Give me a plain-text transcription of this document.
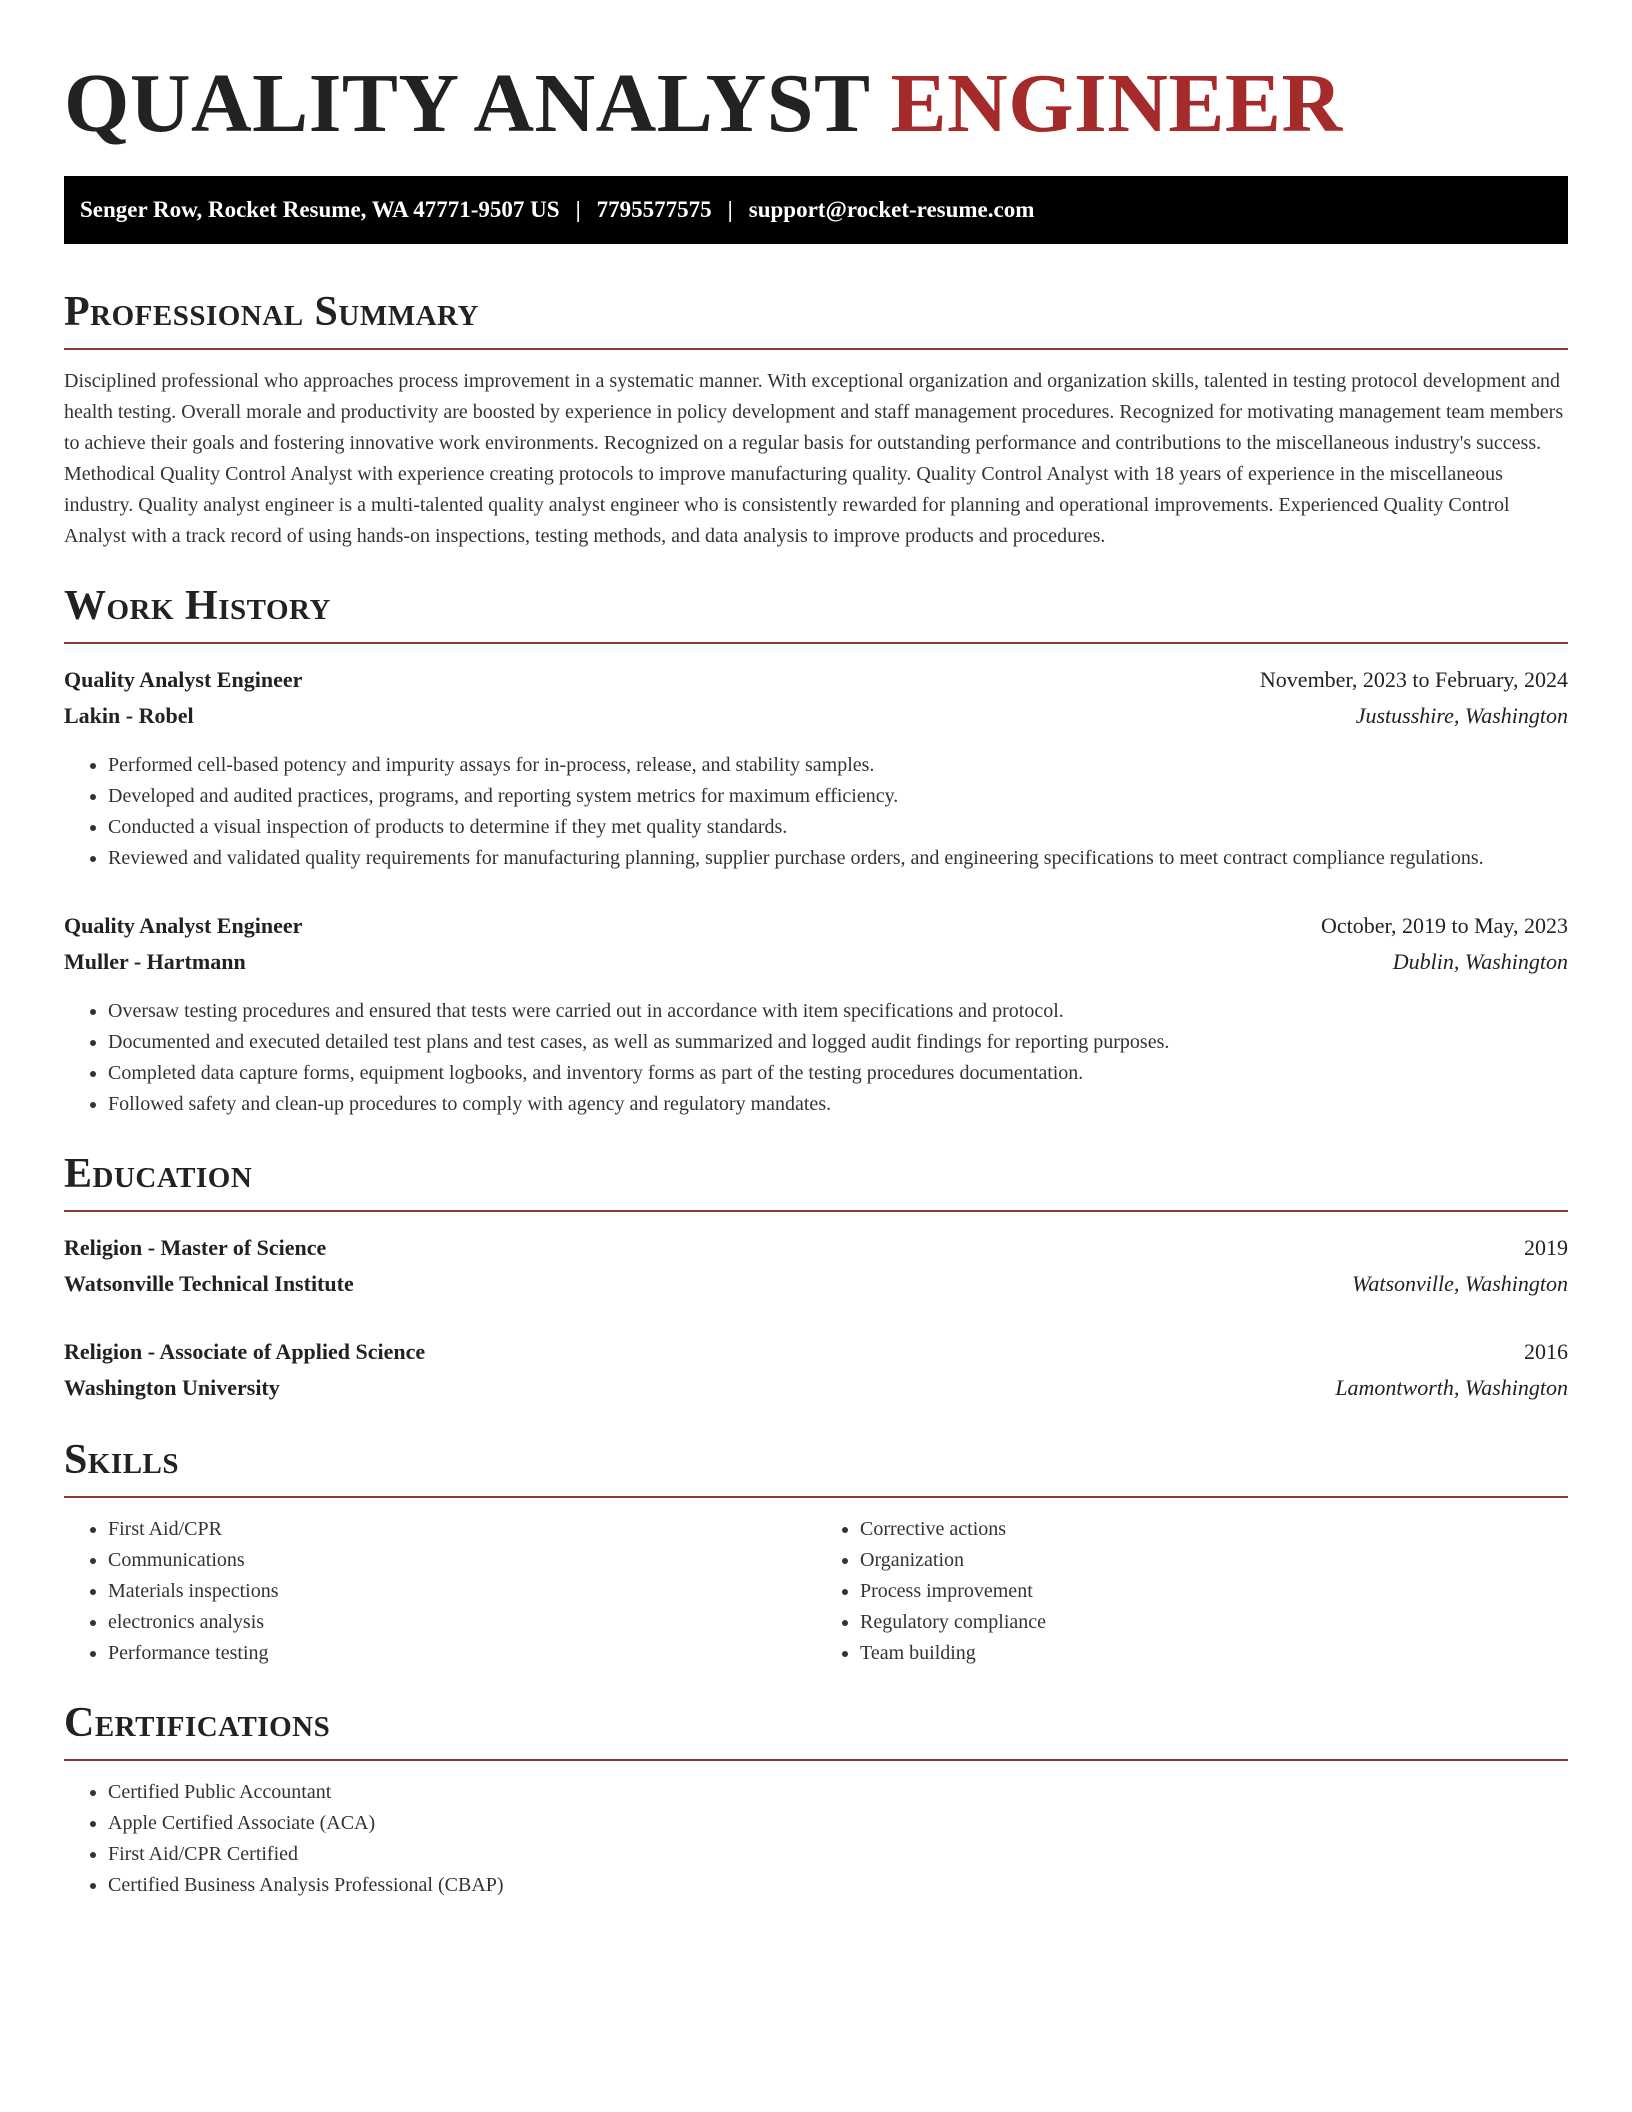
QUALITY ANALYST ENGINEER
Senger Row, Rocket Resume, WA 47771-9507 US | 7795577575 | support@rocket-resume.com
Professional Summary
Disciplined professional who approaches process improvement in a systematic manner. With exceptional organization and organization skills, talented in testing protocol development and health testing. Overall morale and productivity are boosted by experience in policy development and staff management procedures. Recognized for motivating management team members to achieve their goals and fostering innovative work environments. Recognized on a regular basis for outstanding performance and contributions to the miscellaneous industry's success. Methodical Quality Control Analyst with experience creating protocols to improve manufacturing quality. Quality Control Analyst with 18 years of experience in the miscellaneous industry. Quality analyst engineer is a multi-talented quality analyst engineer who is consistently rewarded for planning and operational improvements. Experienced Quality Control Analyst with a track record of using hands-on inspections, testing methods, and data analysis to improve products and procedures.
Work History
Quality Analyst Engineer	November, 2023 to February, 2024
Lakin - Robel	Justusshire, Washington
• Performed cell-based potency and impurity assays for in-process, release, and stability samples.
• Developed and audited practices, programs, and reporting system metrics for maximum efficiency.
• Conducted a visual inspection of products to determine if they met quality standards.
• Reviewed and validated quality requirements for manufacturing planning, supplier purchase orders, and engineering specifications to meet contract compliance regulations.
Quality Analyst Engineer	October, 2019 to May, 2023
Muller - Hartmann	Dublin, Washington
• Oversaw testing procedures and ensured that tests were carried out in accordance with item specifications and protocol.
• Documented and executed detailed test plans and test cases, as well as summarized and logged audit findings for reporting purposes.
• Completed data capture forms, equipment logbooks, and inventory forms as part of the testing procedures documentation.
• Followed safety and clean-up procedures to comply with agency and regulatory mandates.
Education
Religion - Master of Science	2019
Watsonville Technical Institute	Watsonville, Washington
Religion - Associate of Applied Science	2016
Washington University	Lamontworth, Washington
Skills
• First Aid/CPR
• Communications
• Materials inspections
• electronics analysis
• Performance testing
• Corrective actions
• Organization
• Process improvement
• Regulatory compliance
• Team building
Certifications
• Certified Public Accountant
• Apple Certified Associate (ACA)
• First Aid/CPR Certified
• Certified Business Analysis Professional (CBAP)
